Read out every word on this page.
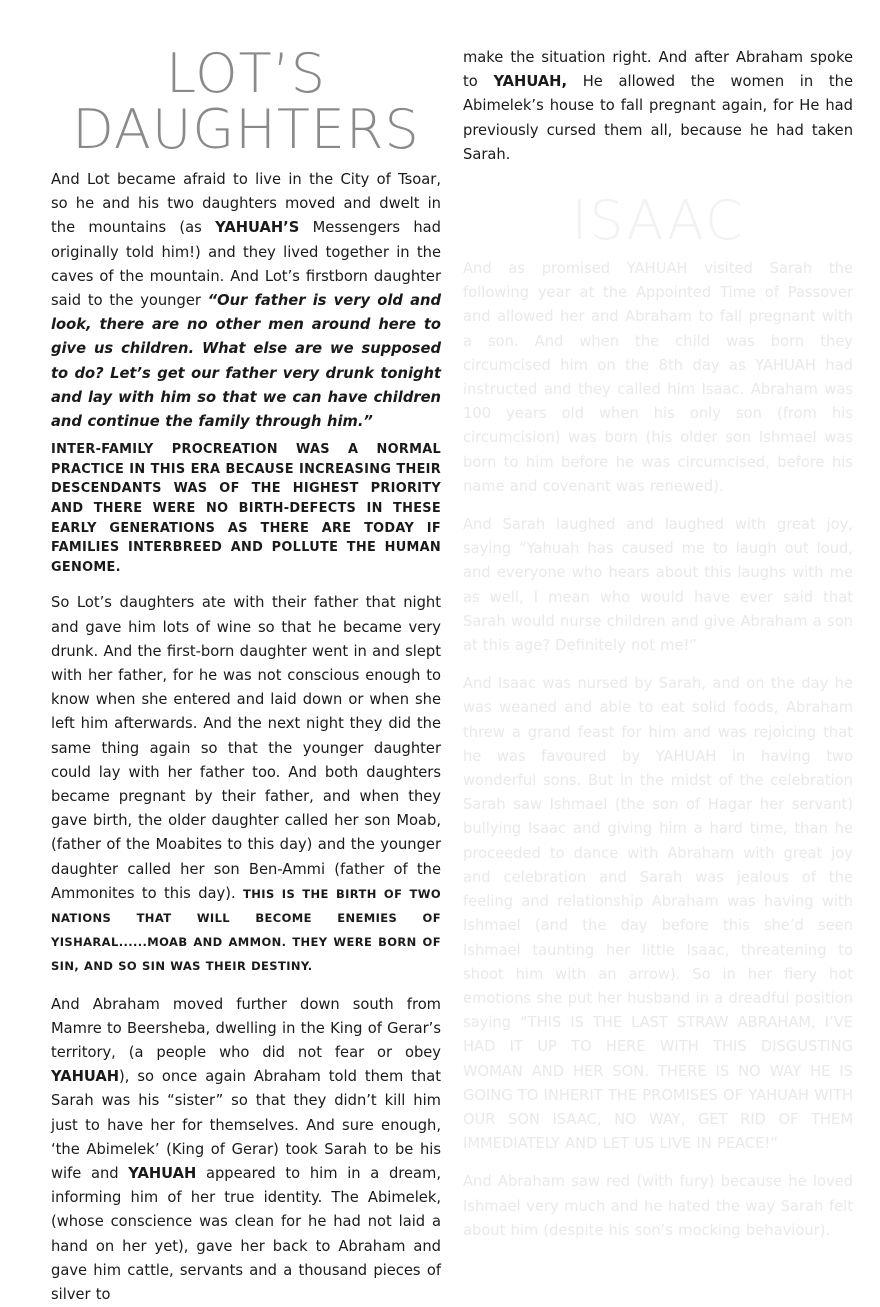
LOT’S
DAUGHTERS

And Lot became afraid to live in the City of Tsoar, so he and his two daughters moved and dwelt in the mountains (as YAHUAH’S Messengers had originally told him!) and they lived together in the caves of the mountain. And Lot’s firstborn daughter said to the younger “Our father is very old and look, there are no other men around here to give us children. What else are we supposed to do? Let’s get our father very drunk tonight and lay with him so that we can have children and continue the family through him.”

INTER-FAMILY PROCREATION WAS A NORMAL PRACTICE IN THIS ERA BECAUSE INCREASING THEIR DESCENDANTS WAS OF THE HIGHEST PRIORITY AND THERE WERE NO BIRTH-DEFECTS IN THESE EARLY GENERATIONS AS THERE ARE TODAY IF FAMILIES INTERBREED AND POLLUTE THE HUMAN GENOME.

So Lot’s daughters ate with their father that night and gave him lots of wine so that he became very drunk. And the first-born daughter went in and slept with her father, for he was not conscious enough to know when she entered and laid down or when she left him afterwards. And the next night they did the same thing again so that the younger daughter could lay with her father too. And both daughters became pregnant by their father, and when they gave birth, the older daughter called her son Moab, (father of the Moabites to this day) and the younger daughter called her son Ben-Ammi (father of the Ammonites to this day). THIS IS THE BIRTH OF TWO NATIONS THAT WILL BECOME ENEMIES OF YISHARAL......MOAB AND AMMON. THEY WERE BORN OF SIN, AND SO SIN WAS THEIR DESTINY.

And Abraham moved further down south from Mamre to Beersheba, dwelling in the King of Gerar’s territory, (a people who did not fear or obey YAHUAH), so once again Abraham told them that Sarah was his “sister” so that they didn’t kill him just to have her for themselves. And sure enough, ‘the Abimelek’ (King of Gerar) took Sarah to be his wife and YAHUAH appeared to him in a dream, informing him of her true identity. The Abimelek, (whose conscience was clean for he had not laid a hand on her yet), gave her back to Abraham and gave him cattle, servants and a thousand pieces of silver to

make the situation right. And after Abraham spoke to YAHUAH, He allowed the women in the Abimelek’s house to fall pregnant again, for He had previously cursed them all, because he had taken Sarah.

ISAAC

And as promised YAHUAH visited Sarah the following year at the Appointed Time of Passover and allowed her and Abraham to fall pregnant with a son. And when the child was born they circumcised him on the 8th day as YAHUAH had instructed and they called him Isaac. Abraham was 100 years old when his only son (from his circumcision) was born (his older son Ishmael was born to him before he was circumcised, before his name and covenant was renewed).

And Sarah laughed and laughed with great joy, saying “Yahuah has caused me to laugh out loud, and everyone who hears about this laughs with me as well, I mean who would have ever said that Sarah would nurse children and give Abraham a son at this age? Definitely not me!”

And Isaac was nursed by Sarah, and on the day he was weaned and able to eat solid foods, Abraham threw a grand feast for him and was rejoicing that he was favoured by YAHUAH in having two wonderful sons. But in the midst of the celebration Sarah saw Ishmael (the son of Hagar her servant) bullying Isaac and giving him a hard time, than he proceeded to dance with Abraham with great joy and celebration and Sarah was jealous of the feeling and relationship Abraham was having with Ishmael (and the day before this she’d seen Ishmael taunting her little Isaac, threatening to shoot him with an arrow). So in her fiery hot emotions she put her husband in a dreadful position saying “THIS IS THE LAST STRAW ABRAHAM, I’VE HAD IT UP TO HERE WITH THIS DISGUSTING WOMAN AND HER SON. THERE IS NO WAY HE IS GOING TO INHERIT THE PROMISES OF YAHUAH WITH OUR SON ISAAC, NO WAY, GET RID OF THEM IMMEDIATELY AND LET US LIVE IN PEACE!”

And Abraham saw red (with fury) because he loved Ishmael very much and he hated the way Sarah felt about him (despite his son’s mocking behaviour).
